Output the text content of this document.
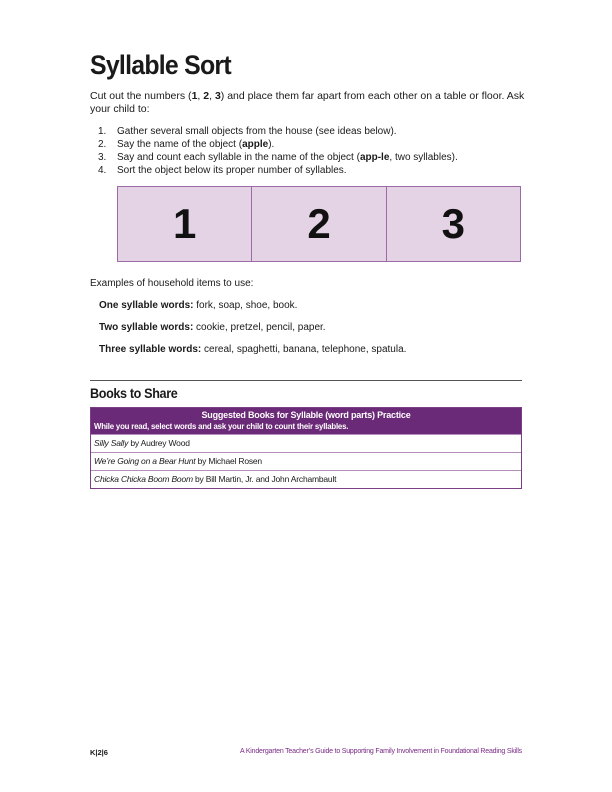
Syllable Sort

Cut out the numbers (1, 2, 3) and place them far apart from each other on a table or floor. Ask your child to:

1.	Gather several small objects from the house (see ideas below).
2.	Say the name of the object (apple).
3.	Say and count each syllable in the name of the object (app-le, two syllables).
4.	Sort the object below its proper number of syllables.
1	2	3

Examples of household items to use:

One syllable words: fork, soap, shoe, book.

Two syllable words: cookie, pretzel, pencil, paper.

Three syllable words: cereal, spaghetti, banana, telephone, spatula.

Books to Share
Suggested Books for Syllable (word parts) Practice
While you read, select words and ask your child to count their syllables.
Silly Sally by Audrey Wood
We’re Going on a Bear Hunt by Michael Rosen
Chicka Chicka Boom Boom by Bill Martin, Jr. and John Archambault

K|2|6	A Kindergarten Teacher’s Guide to Supporting Family Involvement in Foundational Reading Skills
